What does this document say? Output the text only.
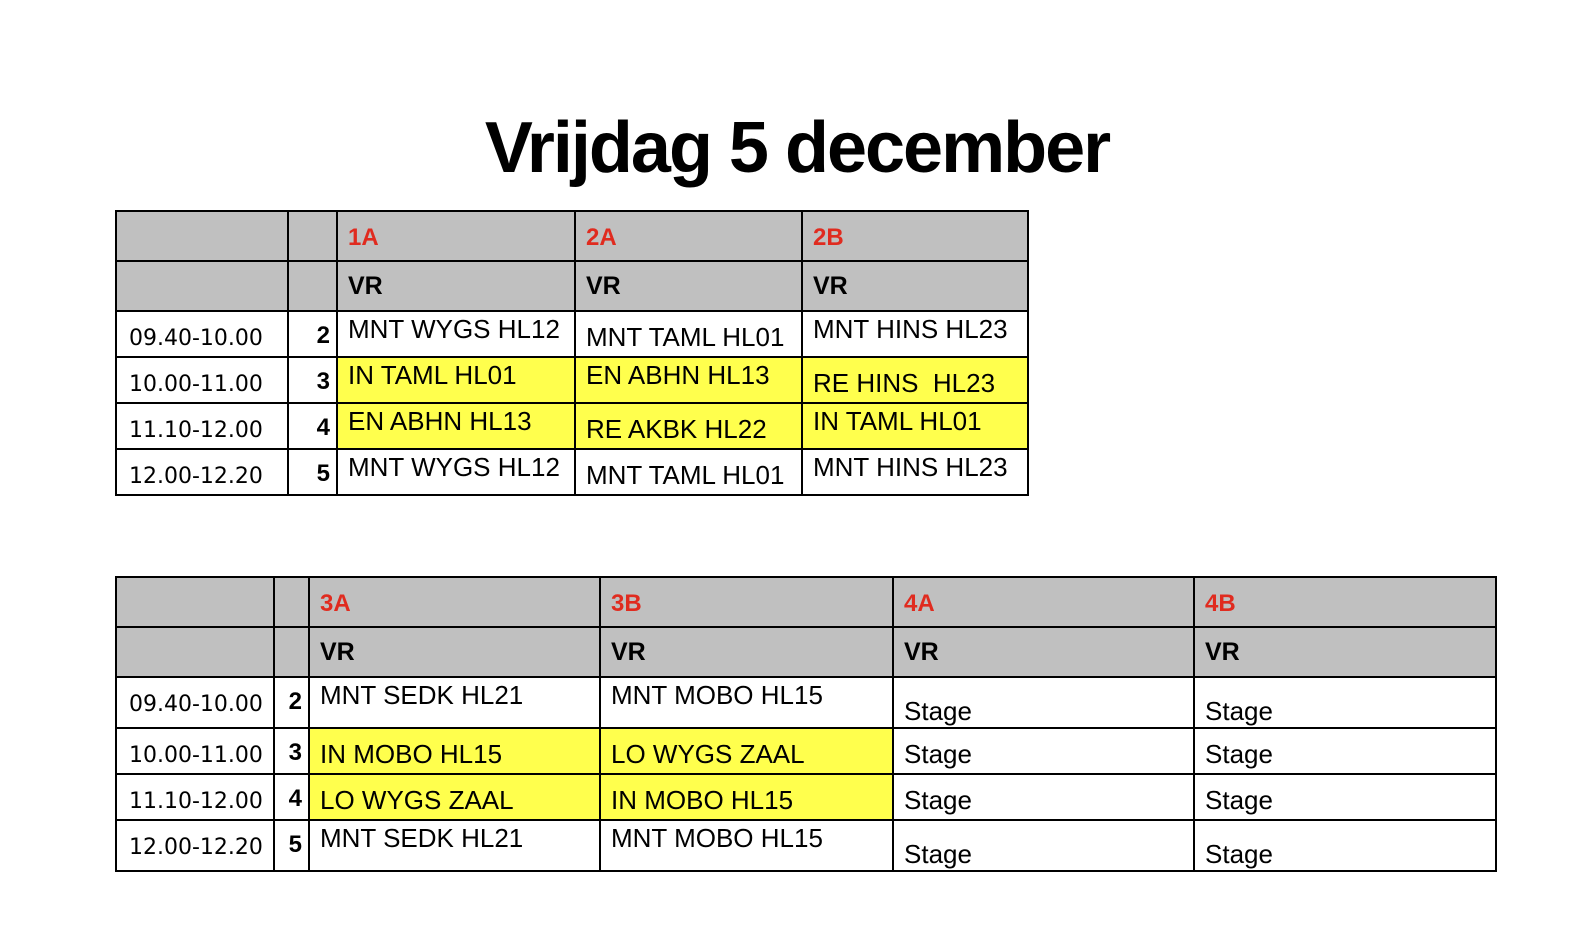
Vrijdag 5 december

		1A	2A	2B

		VR	VR	VR

09.40-10.00	2	MNT WYGS HL12	MNT TAML HL01	MNT HINS HL23

10.00-11.00	3	IN TAML HL01	EN ABHN HL13	RE HINS  HL23

11.10-12.00	4	EN ABHN HL13	RE AKBK HL22	IN TAML HL01

12.00-12.20	5	MNT WYGS HL12	MNT TAML HL01	MNT HINS HL23

		3A	3B	4A	4B

		VR	VR	VR	VR

09.40-10.00	2	MNT SEDK HL21	MNT MOBO HL15	Stage	Stage

10.00-11.00	3	IN MOBO HL15	LO WYGS ZAAL	Stage	Stage

11.10-12.00	4	LO WYGS ZAAL	IN MOBO HL15	Stage	Stage

12.00-12.20	5	MNT SEDK HL21	MNT MOBO HL15	Stage	Stage
